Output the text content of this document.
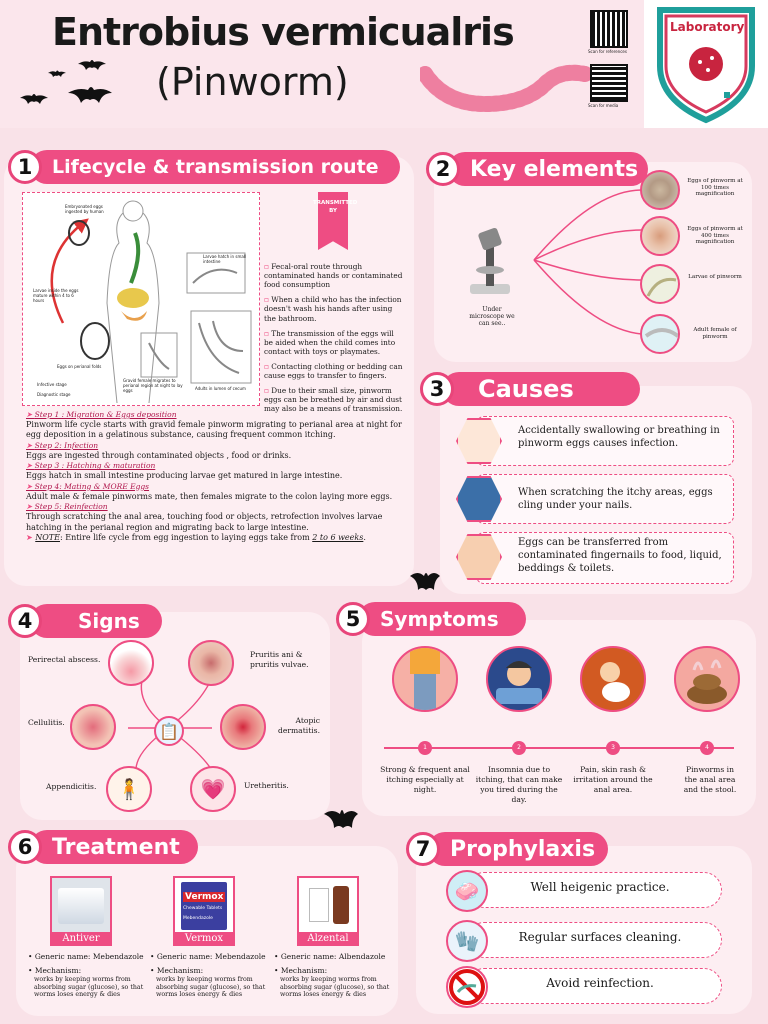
Entrobius vermicualris
(Pinworm)
Scan for references
Scan for media
Laboratory
1	Lifecycle & transmission route
Embryonated eggs ingested by human
Larvae hatch in small intestine
Larvae inside the eggs mature within 4 to 6 hours
Eggs on perianal folds
Gravid female migrates to perianal region at night to lay eggs	Adults in lumen of cecum
Infective stage
Diagnostic stage
TRANSMITTED BY

▫ Fecal-oral route through contaminated hands or contaminated food consumption

▫ When a child who has the infection doesn't wash his hands after using the bathroom.

▫ The transmission of the eggs will be aided when the child comes into contact with toys or playmates.

▫ Contacting clothing or bedding can cause eggs to transfer to fingers.

▫ Due to their small size, pinworm eggs can be breathed by air and dust may also be a means of transmission.

➤ Step 1 : Migration & Eggs deposition
Pinworm life cycle starts with gravid female pinworm migrating to perianal area at night for egg deposition in a gelatinous substance, causing frequent common itching.
➤ Step 2: Infection
Eggs are ingested through contaminated objects , food or drinks.
➤ Step 3 : Hatching & maturation
Eggs hatch in small intestine producing larvae get matured in large intestine.
➤ Step 4: Mating & MORE Eggs
Adult male & female pinworms mate, then females migrate to the colon laying more eggs.
➤ Step 5: Reinfection
Through scratching the anal area, touching food or objects, retrofection involves larvae hatching in the perianal region and migrating back to large intestine.
➤ NOTE: Entire life cycle from egg ingestion to laying eggs take from 2 to 6 weeks.
2 Key elements
Under microscope we can see..
Eggs of pinworm at 100 times magnification
Eggs of pinworm at 400 times magnification
Larvae of pinworm
Adult female of pinworm
3	Causes
Accidentally swallowing or breathing in pinworm eggs causes infection.
When scratching the itchy areas, eggs cling under your nails.
Eggs can be transferred from contaminated fingernails to food, liquid, beddings & toilets.
4	Signs
📋
🧍	💗
Perirectal abscess.
Pruritis ani & pruritis vulvae.
Cellulitis.	Atopic dermatitis.
Appendicitis.	Uretheritis.
5 Symptoms
1	2	3	4
Strong & frequent anal itching especially at night.
Insomnia due to itching, that can make you tired during the day.
Pain, skin rash & irritation around the anal area.
Pinworms in the anal area and the stool.
6 Treatment
Antiver
Vermox
Chewable Tablets
Mebendazole
Vermox	Alzental
• Generic name: Mebendazole
• Mechanism:
works by keeping worms from absorbing sugar (glucose), so that worms loses energy & dies
• Generic name: Mebendazole
• Mechanism:
works by keeping worms from absorbing sugar (glucose), so that worms loses energy & dies
• Generic name: Albendazole
• Mechanism:
works by keeping worms from absorbing sugar (glucose), so that worms loses energy & dies
7 Prophylaxis
🧼	Well heigenic practice.
🧤	Regular surfaces cleaning.
Avoid reinfection.
